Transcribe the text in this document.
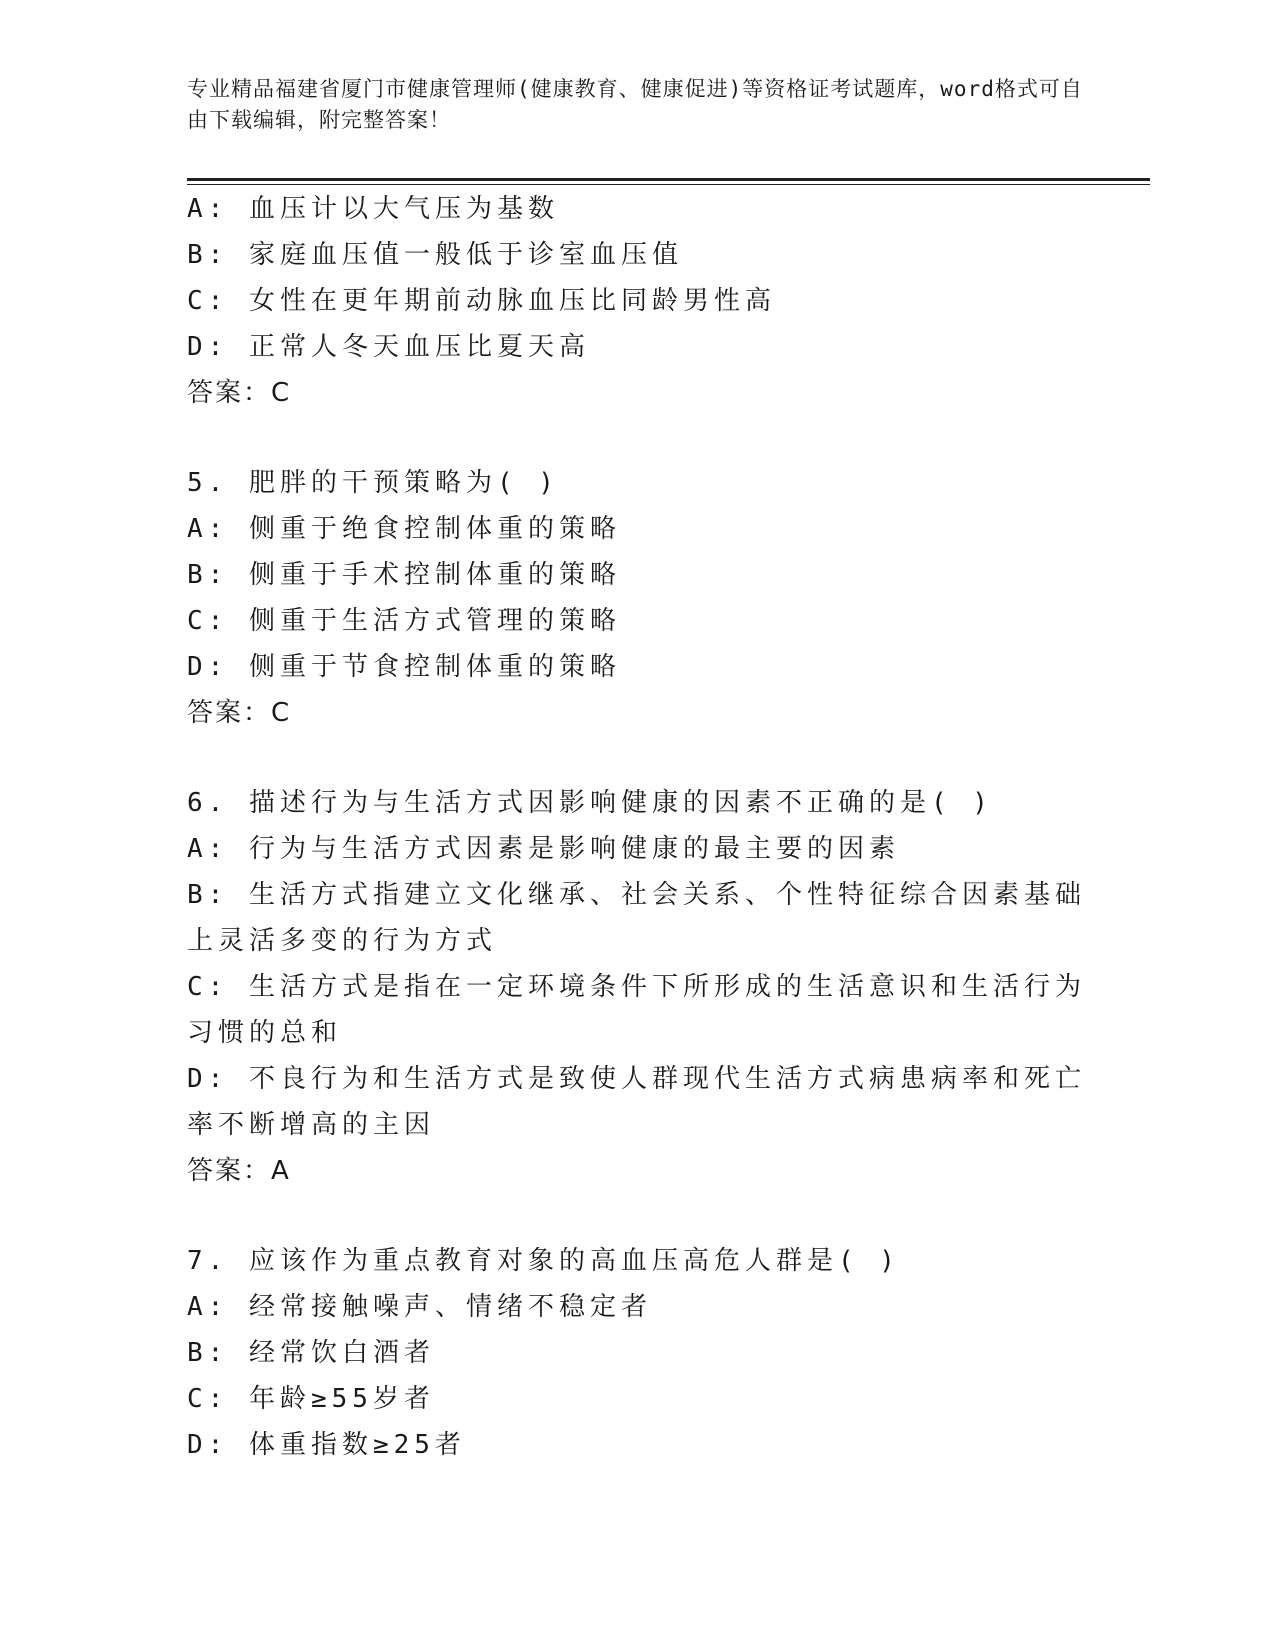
专业精品福建省厦门市健康管理师(健康教育、健康促进)等资格证考试题库，word格式可自由下载编辑，附完整答案！
A: 血压计以大气压为基数
B: 家庭血压值一般低于诊室血压值
C: 女性在更年期前动脉血压比同龄男性高
D: 正常人冬天血压比夏天高
答案：C
5. 肥胖的干预策略为( )
A: 侧重于绝食控制体重的策略
B: 侧重于手术控制体重的策略
C: 侧重于生活方式管理的策略
D: 侧重于节食控制体重的策略
答案：C
6. 描述行为与生活方式因影响健康的因素不正确的是( )
A: 行为与生活方式因素是影响健康的最主要的因素
B: 生活方式指建立文化继承、社会关系、个性特征综合因素基础上灵活多变的行为方式
C: 生活方式是指在一定环境条件下所形成的生活意识和生活行为习惯的总和
D: 不良行为和生活方式是致使人群现代生活方式病患病率和死亡率不断增高的主因
答案：A
7. 应该作为重点教育对象的高血压高危人群是( )
A: 经常接触噪声、情绪不稳定者
B: 经常饮白酒者
C: 年龄≥55岁者
D: 体重指数≥25者
